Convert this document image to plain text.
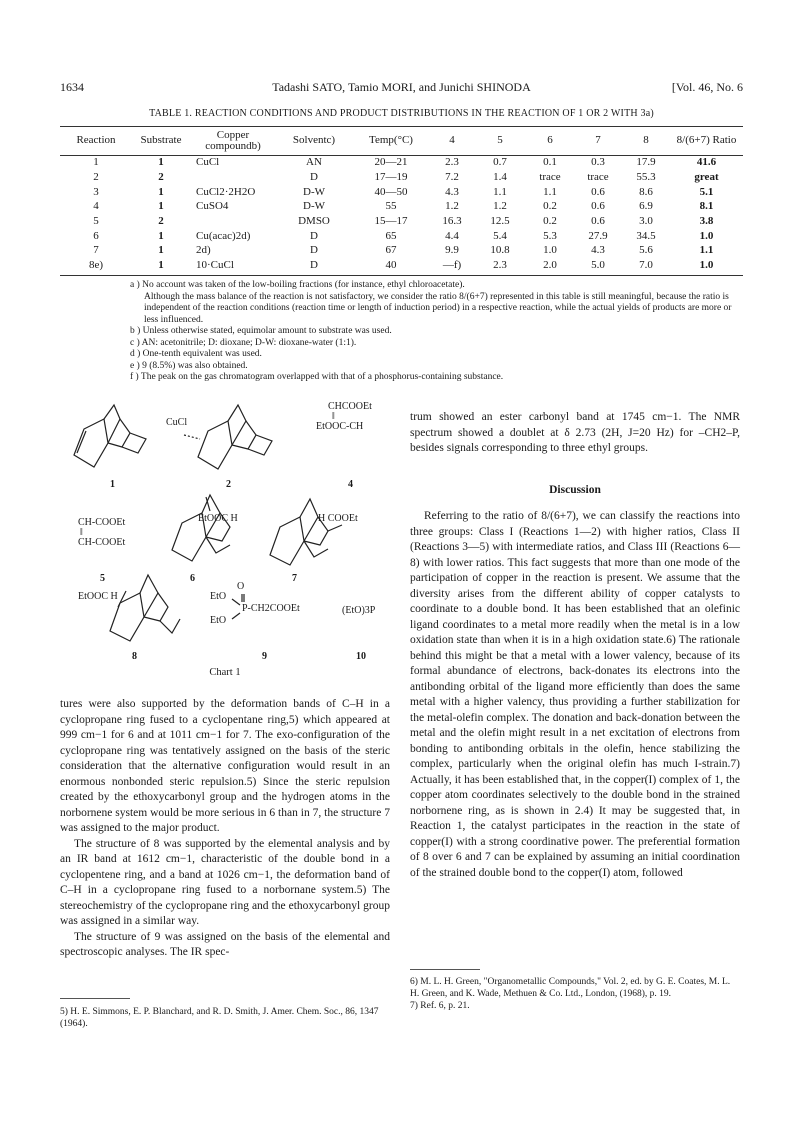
1634	Tadashi SATO, Tamio MORI, and Junichi SHINODA	[Vol. 46, No. 6
TABLE 1. REACTION CONDITIONS AND PRODUCT DISTRIBUTIONS IN THE REACTION OF 1 OR 2 WITH 3a)
Reaction	Substrate	Copper compoundb)	Solventc)	Temp(°C)	4	5	6	7	8	8/(6+7) Ratio
1	1	CuCl	AN	20—21	2.3	0.7	0.1	0.3	17.9	41.6
2	2		D	17—19	7.2	1.4	trace	trace	55.3	great
3	1	CuCl2·2H2O	D-W	40—50	4.3	1.1	1.1	0.6	8.6	5.1
4	1	CuSO4	D-W	55	1.2	1.2	0.2	0.6	6.9	8.1
5	2		DMSO	15—17	16.3	12.5	0.2	0.6	3.0	3.8
6	1	Cu(acac)2d)	D	65	4.4	5.4	5.3	27.9	34.5	1.0
7	1	2d)	D	67	9.9	10.8	1.0	4.3	5.6	1.1
8e)	1	10·CuCl	D	40	—f)	2.3	2.0	5.0	7.0	1.0

a ) No account was taken of the low-boiling fractions (for instance, ethyl chloroacetate).

Although the mass balance of the reaction is not satisfactory, we consider the ratio 8/(6+7) represented in this table is still meaningful, because the ratio is independent of the reaction conditions (reaction time or length of induction period) in a respective reaction, while the actual yields of products are more or less influenced.

b ) Unless otherwise stated, equimolar amount to substrate was used.

c ) AN: acetonitrile; D: dioxane; D-W: dioxane-water (1:1).

d ) One-tenth equivalent was used.

e ) 9 (8.5%) was also obtained.

f ) The peak on the gas chromatogram overlapped with that of a phosphorus-containing substance.

CuCl
CHCOOEt
‖
EtOOC-CH
CH-COOEt
‖
CH-COOEt
EtOOC H	H COOEt
EtOOC H	EtO
O
P-CH2COOEt
EtO
(EtO)3P
1	2	4
5	6	7
8	9	10
Chart 1

tures were also supported by the deformation bands of C–H in a cyclopropane ring fused to a cyclopentane ring,5) which appeared at 999 cm−1 for 6 and at 1011 cm−1 for 7. The exo-configuration of the cyclopropane ring was tentatively assigned on the basis of the steric consideration that the alternative configuration would result in an enormous nonbonded steric repulsion.5) Since the steric repulsion created by the ethoxycarbonyl group and the hydrogen atoms in the norbornene system would be more serious in 6 than in 7, the structure 7 was assigned to the major product.

The structure of 8 was supported by the elemental analysis and by an IR band at 1612 cm−1, characteristic of the double bond in a cyclopentene ring, and a band at 1026 cm−1, the deformation band of C–H in a cyclopropane ring fused to a norbornane system.5) The stereochemistry of the cyclopropane ring and the ethoxycarbonyl group was assigned in a similar way.

The structure of 9 was assigned on the basis of the elemental and spectroscopic analyses. The IR spec-

5) H. E. Simmons, E. P. Blanchard, and R. D. Smith, J. Amer. Chem. Soc., 86, 1347 (1964).

trum showed an ester carbonyl band at 1745 cm−1. The NMR spectrum showed a doublet at δ 2.73 (2H, J=20 Hz) for –CH2–P, besides signals corresponding to three ethyl groups.

Discussion

Referring to the ratio of 8/(6+7), we can classify the reactions into three groups: Class I (Reactions 1—2) with higher ratios, Class II (Reactions 3—5) with intermediate ratios, and Class III (Reactions 6—8) with lower ratios. This fact suggests that more than one mode of the participation of copper in the reaction is present. We assume that the diversity arises from the different ability of copper catalysts to coordinate to a double bond. It has been established that an olefinic ligand coordinates to a metal more readily when the metal is in a low oxidation state than when it is in a high oxidation state.6) The rationale behind this might be that a metal with a lower valency, because of its formal abundance of electrons, back-donates its electrons into the antibonding orbital of the ligand more efficiently than does the same metal with a higher valency, thus providing a further stabilization for the metal-olefin complex. The donation and back-donation between the metal and the olefin might result in a net excitation of electrons from bonding to antibonding orbitals in the olefin, hence stabilizing the complex, particularly when the original olefin has much I-strain.7) Actually, it has been established that, in the copper(I) complex of 1, the copper atom coordinates selectively to the double bond in the strained norbornene ring, as is shown in 2.4) It may be suggested that, in Reaction 1, the catalyst participates in the reaction in the state of copper(I) with a strong coordinative power. The preferential formation of 8 over 6 and 7 can be explained by assuming an initial coordination of the strained double bond to the copper(I) atom, followed

6) M. L. H. Green, "Organometallic Compounds," Vol. 2, ed. by G. E. Coates, M. L. H. Green, and K. Wade, Methuen & Co. Ltd., London, (1968), p. 19.

7) Ref. 6, p. 21.
